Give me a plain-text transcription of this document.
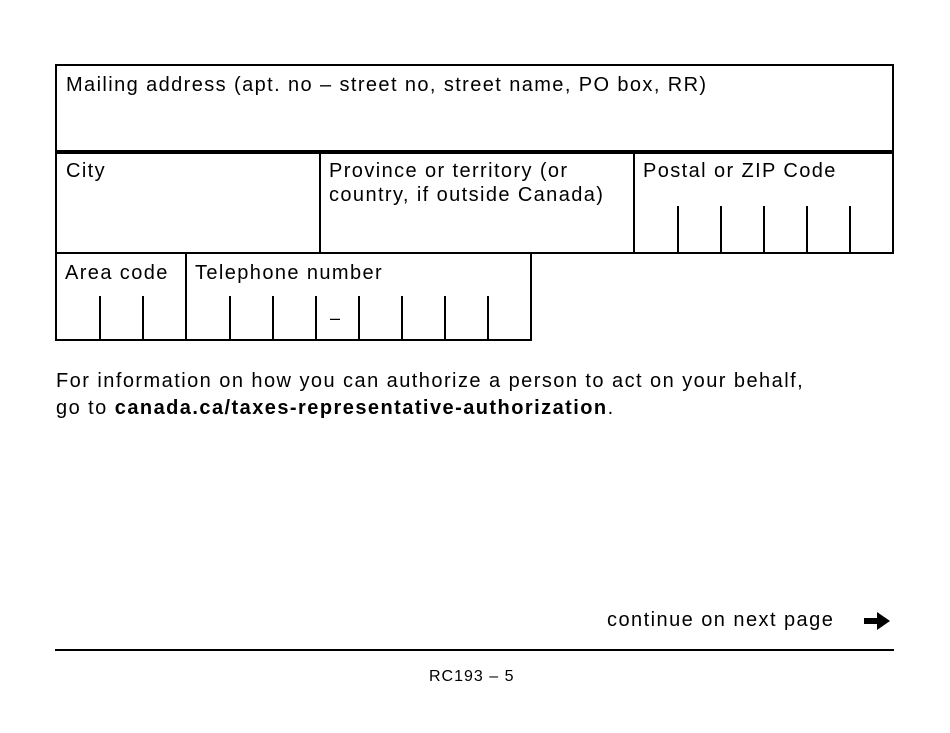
Mailing address (apt. no – street no, street name, PO box, RR)
City	Province or territory (or
country, if outside Canada)
Postal or ZIP Code
Area code Telephone number
–
For information on how you can authorize a person to act on your behalf,
go to canada.ca/taxes-representative-authorization.
continue on next page
RC193 – 5
